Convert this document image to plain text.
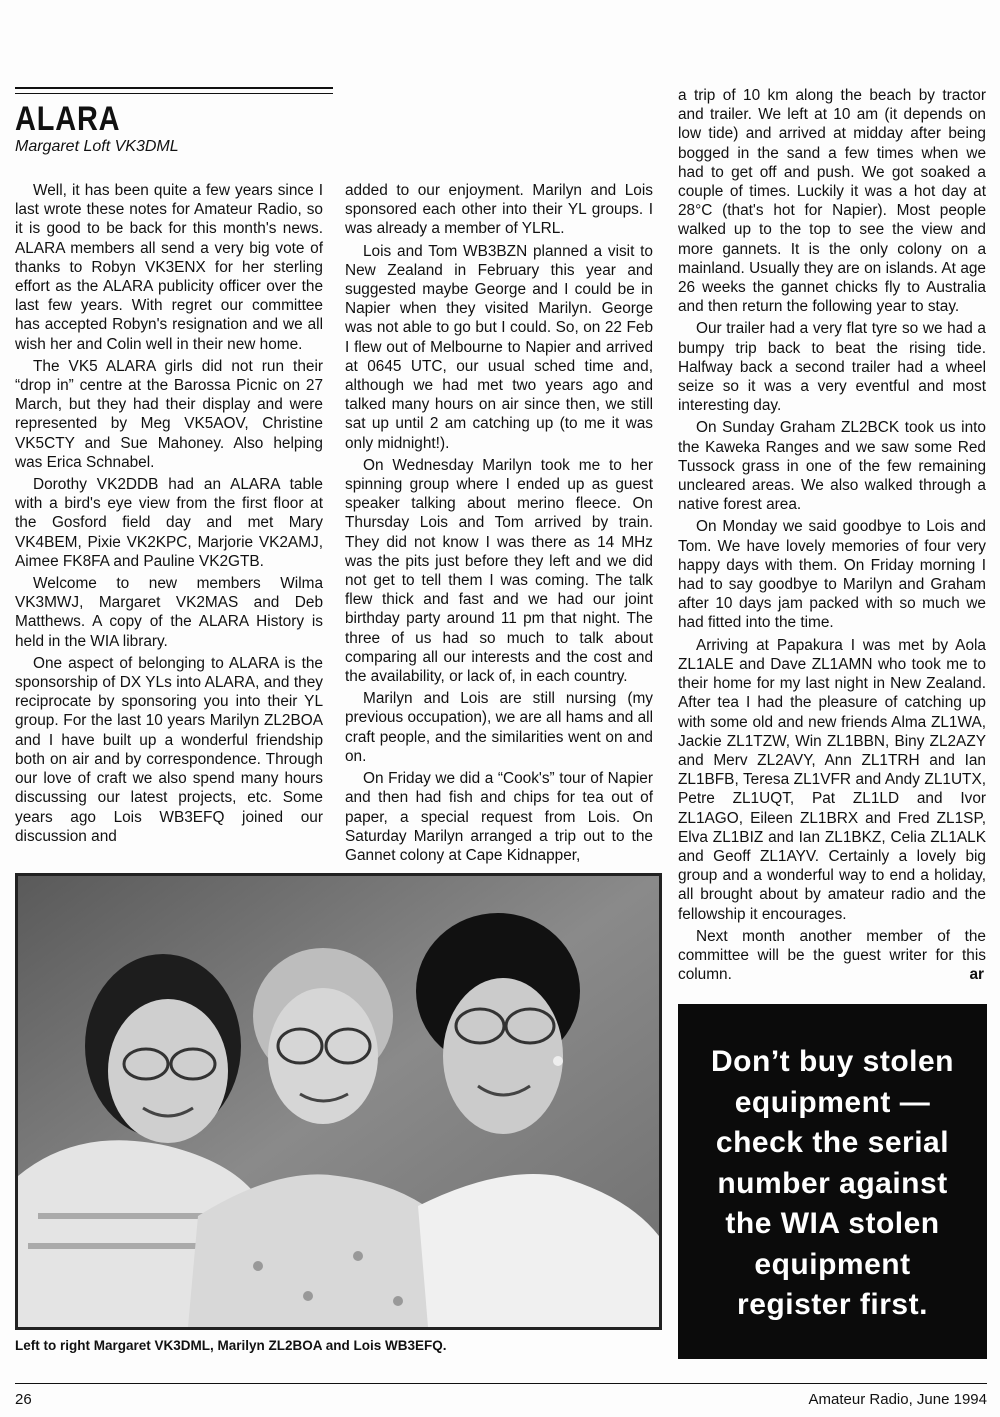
ALARA
Margaret Loft VK3DML

Well, it has been quite a few years since I last wrote these notes for Amateur Radio, so it is good to be back for this month's news. ALARA members all send a very big vote of thanks to Robyn VK3ENX for her sterling effort as the ALARA publicity officer over the last few years. With regret our committee has accepted Robyn's resignation and we all wish her and Colin well in their new home.

The VK5 ALARA girls did not run their “drop in” centre at the Barossa Picnic on 27 March, but they had their display and were represented by Meg VK5AOV, Christine VK5CTY and Sue Mahoney. Also helping was Erica Schnabel.

Dorothy VK2DDB had an ALARA table with a bird's eye view from the first floor at the Gosford field day and met Mary VK4BEM, Pixie VK2KPC, Marjorie VK2AMJ, Aimee FK8FA and Pauline VK2GTB.

Welcome to new members Wilma VK3MWJ, Margaret VK2MAS and Deb Matthews. A copy of the ALARA History is held in the WIA library.

One aspect of belonging to ALARA is the sponsorship of DX YLs into ALARA, and they reciprocate by sponsoring you into their YL group. For the last 10 years Marilyn ZL2BOA and I have built up a wonderful friendship both on air and by correspondence. Through our love of craft we also spend many hours discussing our latest projects, etc. Some years ago Lois WB3EFQ joined our discussion and

added to our enjoyment. Marilyn and Lois sponsored each other into their YL groups. I was already a member of YLRL.

Lois and Tom WB3BZN planned a visit to New Zealand in February this year and suggested maybe George and I could be in Napier when they visited Marilyn. George was not able to go but I could. So, on 22 Feb I flew out of Melbourne to Napier and arrived at 0645 UTC, our usual sched time and, although we had met two years ago and talked many hours on air since then, we still sat up until 2 am catching up (to me it was only midnight!).

On Wednesday Marilyn took me to her spinning group where I ended up as guest speaker talking about merino fleece. On Thursday Lois and Tom arrived by train. They did not know I was there as 14 MHz was the pits just before they left and we did not get to tell them I was coming. The talk flew thick and fast and we had our joint birthday party around 11 pm that night. The three of us had so much to talk about comparing all our interests and the cost and the availability, or lack of, in each country.

Marilyn and Lois are still nursing (my previous occupation), we are all hams and all craft people, and the similarities went on and on.

On Friday we did a “Cook's” tour of Napier and then had fish and chips for tea out of paper, a special request from Lois. On Saturday Marilyn arranged a trip out to the Gannet colony at Cape Kidnapper,

a trip of 10 km along the beach by tractor and trailer. We left at 10 am (it depends on low tide) and arrived at midday after being bogged in the sand a few times when we had to get off and push. We got soaked a couple of times. Luckily it was a hot day at 28°C (that's hot for Napier). Most people walked up to the top to see the view and more gannets. It is the only colony on a mainland. Usually they are on islands. At age 26 weeks the gannet chicks fly to Australia and then return the following year to stay.

Our trailer had a very flat tyre so we had a bumpy trip back to beat the rising tide. Halfway back a second trailer had a wheel seize so it was a very eventful and most interesting day.

On Sunday Graham ZL2BCK took us into the Kaweka Ranges and we saw some Red Tussock grass in one of the few remaining uncleared areas. We also walked through a native forest area.

On Monday we said goodbye to Lois and Tom. We have lovely memories of four very happy days with them. On Friday morning I had to say goodbye to Marilyn and Graham after 10 days jam packed with so much we had fitted into the time.

Arriving at Papakura I was met by Aola ZL1ALE and Dave ZL1AMN who took me to their home for my last night in New Zealand. After tea I had the pleasure of catching up with some old and new friends Alma ZL1WA, Jackie ZL1TZW, Win ZL1BBN, Biny ZL2AZY and Merv ZL2AVY, Ann ZL1TRH and Ian ZL1BFB, Teresa ZL1VFR and Andy ZL1UTX, Petre ZL1UQT, Pat ZL1LD and Ivor ZL1AGO, Eileen ZL1BRX and Fred ZL1SP, Elva ZL1BIZ and Ian ZL1BKZ, Celia ZL1ALK and Geoff ZL1AYV. Certainly a lovely big group and a wonderful way to end a holiday, all brought about by amateur radio and the fellowship it encourages.

Next month another member of the committee will be the guest writer for this column.	ar

Left to right Margaret VK3DML, Marilyn ZL2BOA and Lois WB3EFQ.
Don’t buy stolen
equipment —
check the serial
number against
the WIA stolen
equipment
register first.
26	Amateur Radio, June 1994
